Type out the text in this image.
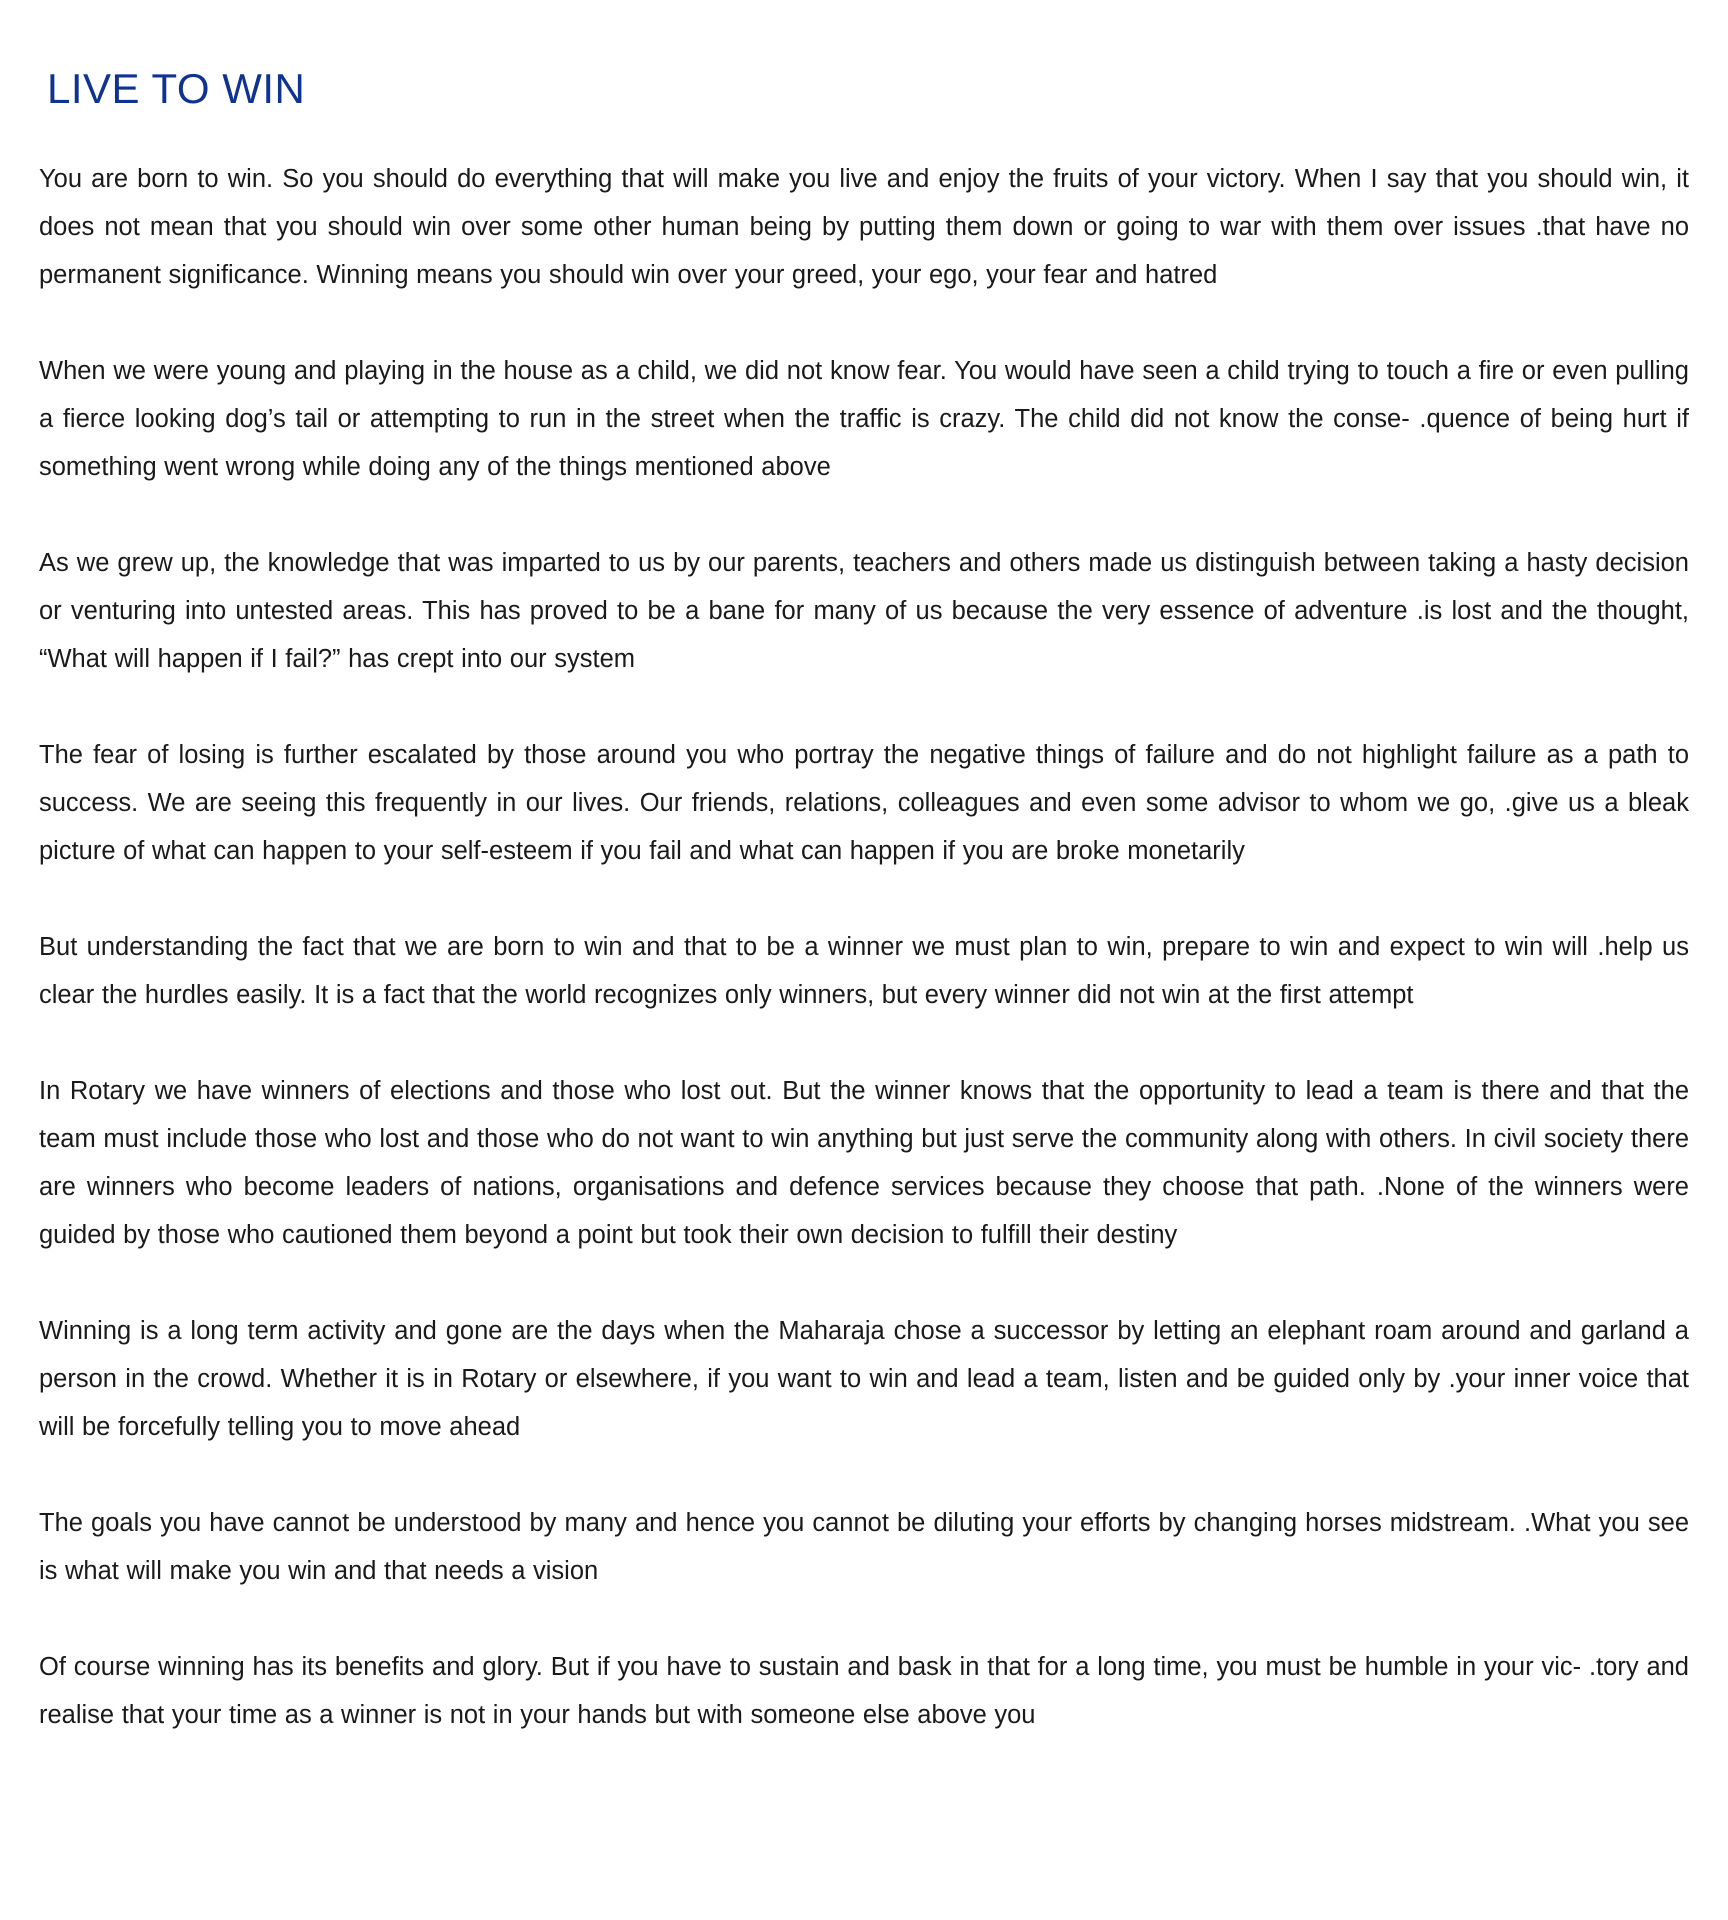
LIVE TO WIN

You are born to win. So you should do everything that will make you live and enjoy the fruits of your victory. When I say that you should win, it does not mean that you should win over some other human being by putting them down or going to war with them over issues .that have no permanent significance. Winning means you should win over your greed, your ego, your fear and hatred

When we were young and playing in the house as a child, we did not know fear. You would have seen a child trying to touch a fire or even pulling a fierce looking dog’s tail or attempting to run in the street when the traffic is crazy. The child did not know the conse- .quence of being hurt if something went wrong while doing any of the things mentioned above

As we grew up, the knowledge that was imparted to us by our parents, teachers and others made us distinguish between taking a hasty decision or venturing into untested areas. This has proved to be a bane for many of us because the very essence of adventure .is lost and the thought, “What will happen if I fail?” has crept into our system

The fear of losing is further escalated by those around you who portray the negative things of failure and do not highlight failure as a path to success. We are seeing this frequently in our lives. Our friends, relations, colleagues and even some advisor to whom we go, .give us a bleak picture of what can happen to your self-esteem if you fail and what can happen if you are broke monetarily

But understanding the fact that we are born to win and that to be a winner we must plan to win, prepare to win and expect to win will .help us clear the hurdles easily. It is a fact that the world recognizes only winners, but every winner did not win at the first attempt

In Rotary we have winners of elections and those who lost out. But the winner knows that the opportunity to lead a team is there and that the team must include those who lost and those who do not want to win anything but just serve the community along with others. In civil society there are winners who become leaders of nations, organisations and defence services because they choose that path. .None of the winners were guided by those who cautioned them beyond a point but took their own decision to fulfill their destiny

Winning is a long term activity and gone are the days when the Maharaja chose a successor by letting an elephant roam around and garland a person in the crowd. Whether it is in Rotary or elsewhere, if you want to win and lead a team, listen and be guided only by .your inner voice that will be forcefully telling you to move ahead

The goals you have cannot be understood by many and hence you cannot be diluting your efforts by changing horses midstream. .What you see is what will make you win and that needs a vision

Of course winning has its benefits and glory. But if you have to sustain and bask in that for a long time, you must be humble in your vic- .tory and realise that your time as a winner is not in your hands but with someone else above you
